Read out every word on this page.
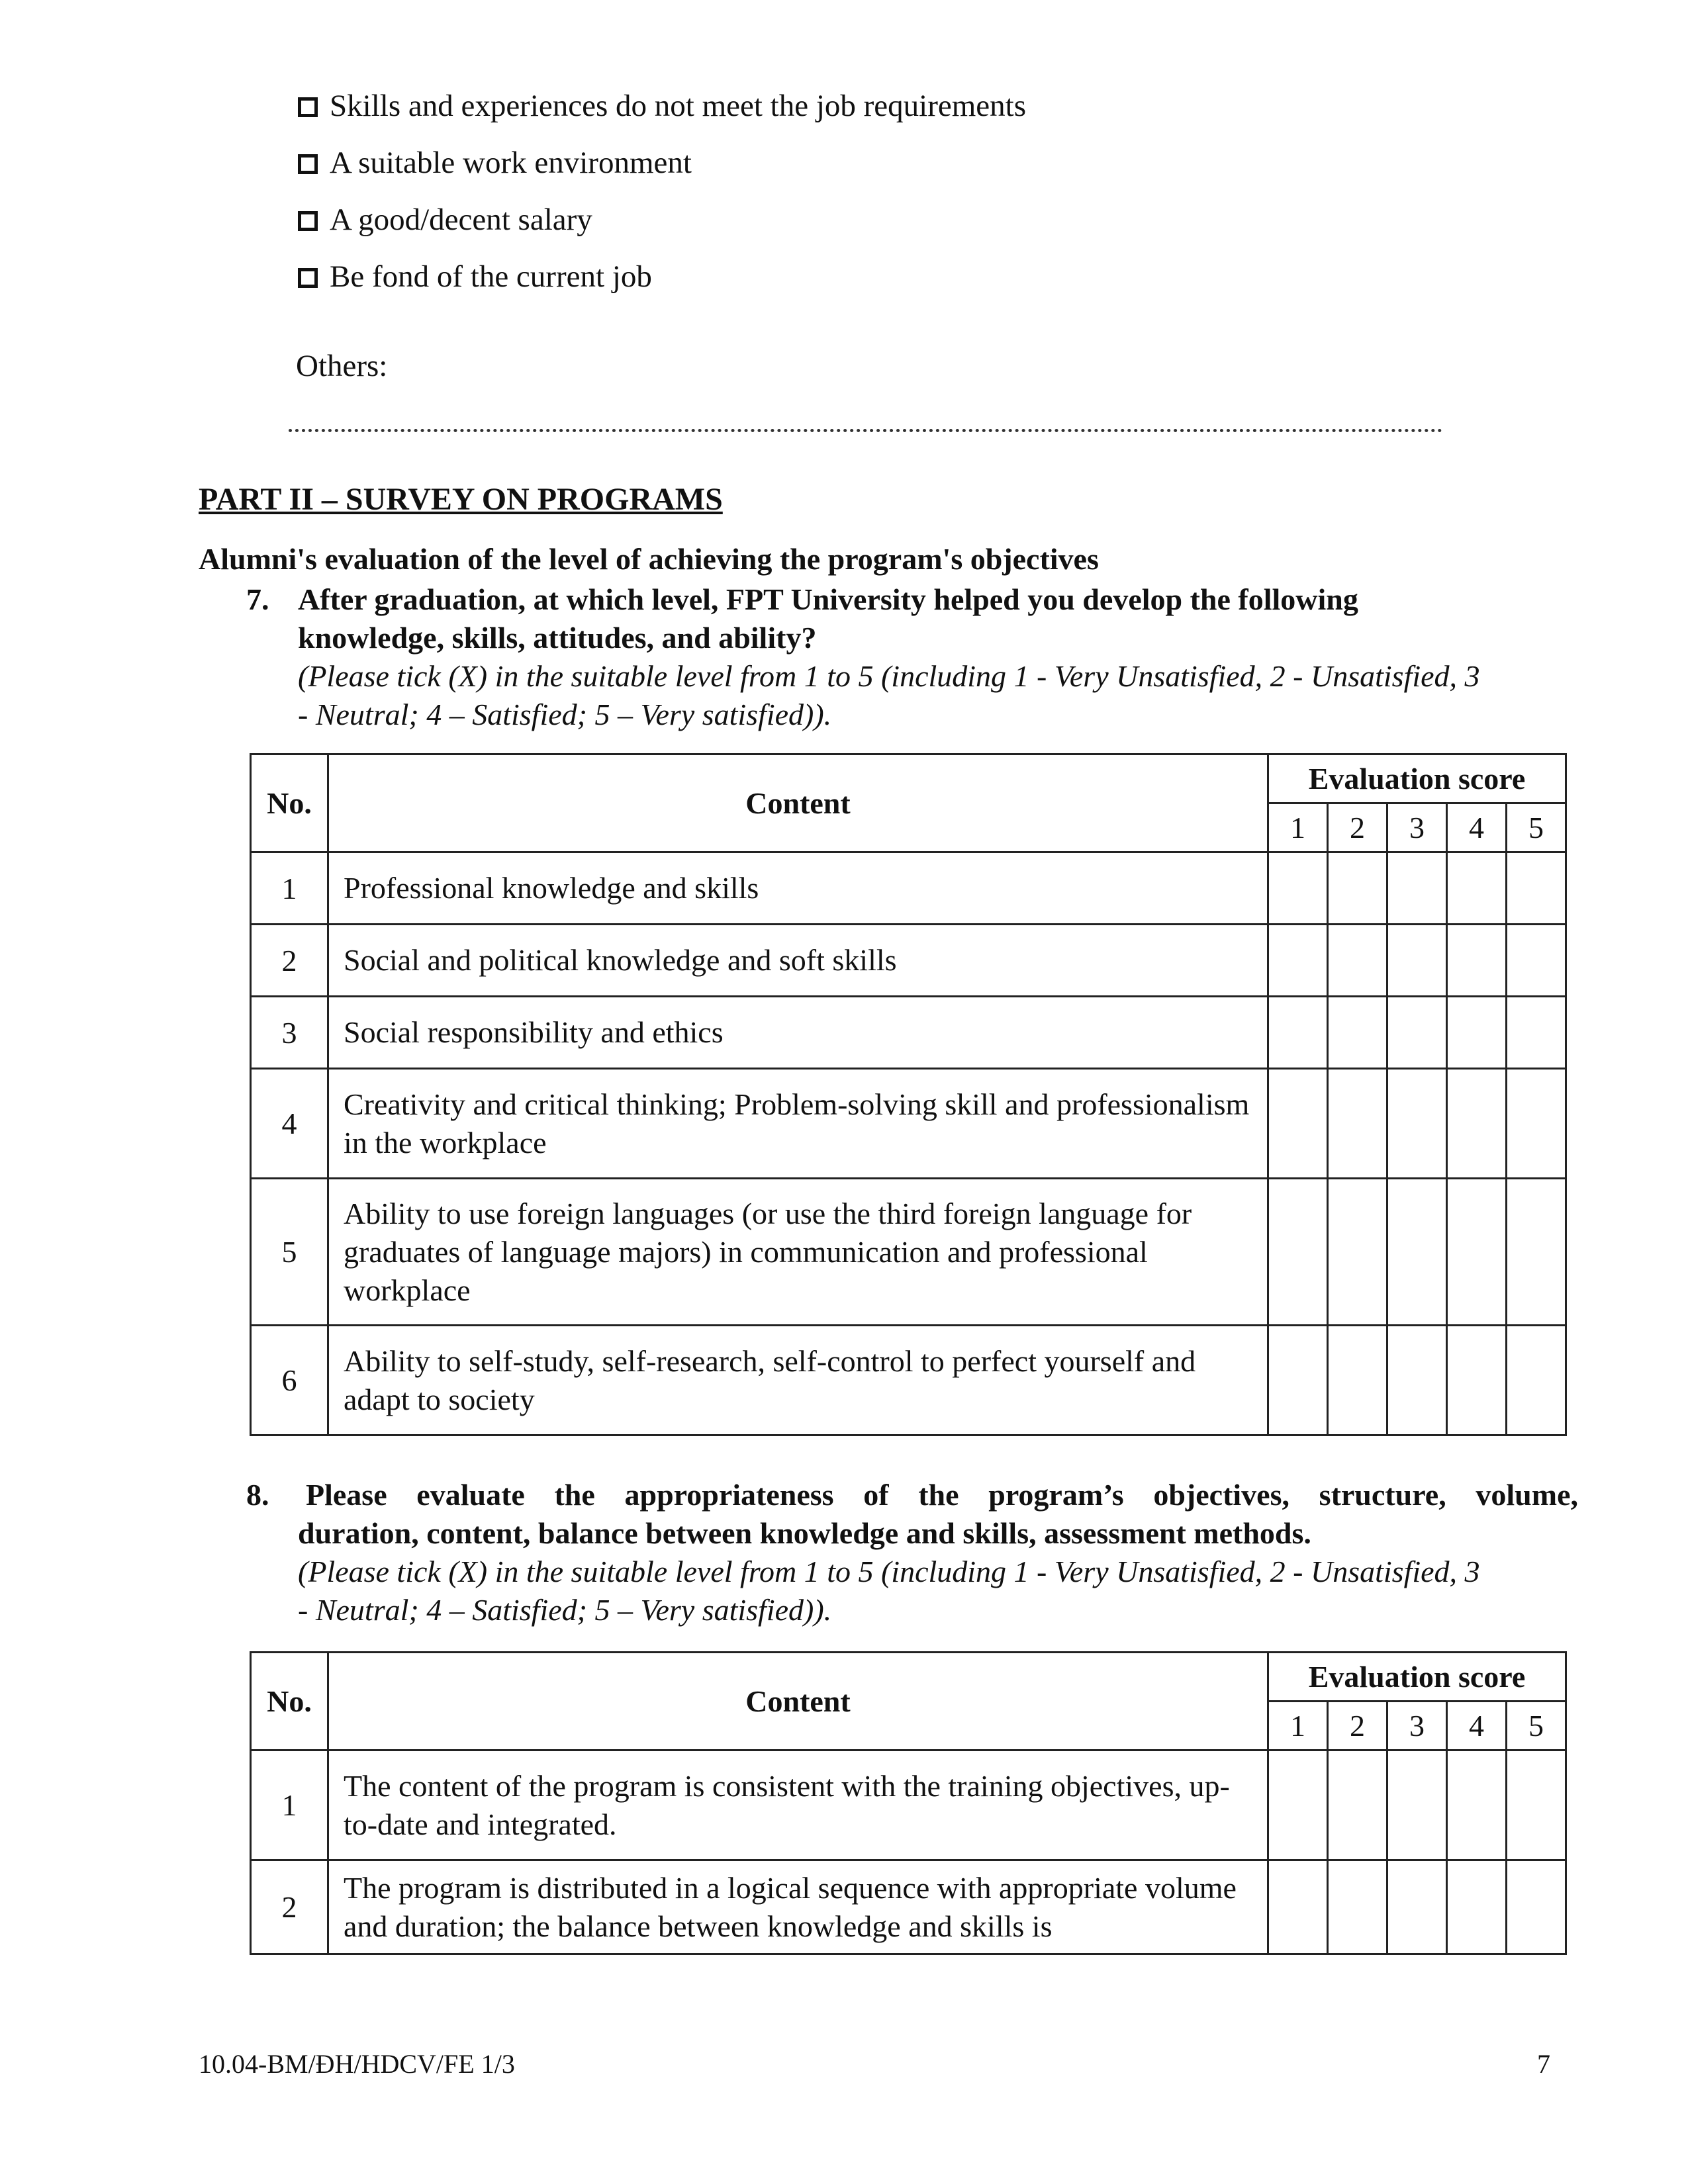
Skills and experiences do not meet the job requirements
A suitable work environment
A good/decent salary
Be fond of the current job
Others:
PART II – SURVEY ON PROGRAMS
Alumni's evaluation of the level of achieving the program's objectives
7. After graduation, at which level, FPT University helped you develop the following
knowledge, skills, attitudes, and ability?
(Please tick (X) in the suitable level from 1 to 5 (including 1 - Very Unsatisfied, 2 - Unsatisfied, 3
- Neutral; 4 – Satisfied; 5 – Very satisfied)).
No.	Content	Evaluation score				
		1	2	3	4	5
1	Professional knowledge and skills					
2	Social and political knowledge and soft skills					
3	Social responsibility and ethics					
4	Creativity and critical thinking; Problem-solving skill and professionalism in the workplace					
5	Ability to use foreign languages (or use the third foreign language for graduates of language majors) in communication and professional workplace					
6	Ability to self-study, self-research, self-control to perfect yourself and adapt to society					
8. Please evaluate the appropriateness of the program’s objectives, structure, volume,
duration, content, balance between knowledge and skills, assessment methods.
(Please tick (X) in the suitable level from 1 to 5 (including 1 - Very Unsatisfied, 2 - Unsatisfied, 3
- Neutral; 4 – Satisfied; 5 – Very satisfied)).
No.	Content	Evaluation score				
		1	2	3	4	5
1	The content of the program is consistent with the training objectives, up-to-date and integrated.					
2	The program is distributed in a logical sequence with appropriate volume and duration; the balance between knowledge and skills is					
10.04-BM/ĐH/HDCV/FE 1/3	7
